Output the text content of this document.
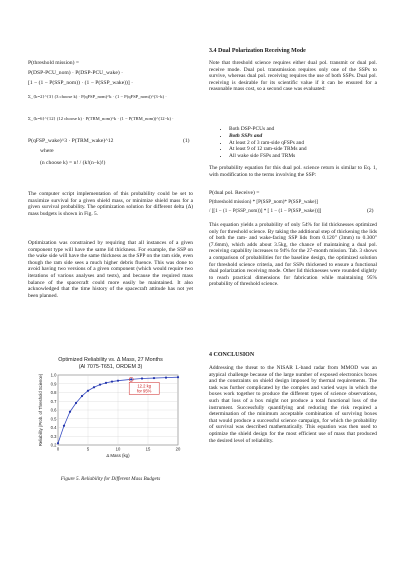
P(threshold mission) =
P(DSP-PCU_nom) · P(DSP-PCU_wake) ·
[1 − (1 − P(SSP_nom)) · (1 − P(SSP_wake))] ·
Σ_{k=2}^{3} (3 choose k) · P(qFSP_nom)^k · (1 − P(qFSP_nom))^(3−k) ·
Σ_{k=6}^{12} (12 choose k) · P(TRM_nom)^k · (1 − P(TRM_nom))^(12−k) ·
P(qFSP_wake)^3 · P(TRM_wake)^12	(1)
where
(n choose k) = n! / (k!(n−k)!)

The computer script implementation of this probability could be set to maximize survival for a given shield mass, or minimize shield mass for a given survival probability. The optimization solution for different delta (Δ) mass budgets is shown in Fig. 5.

Optimization was constrained by requiring that all instances of a given component type will have the same lid thickness. For example, the SSP on the wake side will have the same thickness as the SPP on the ram side, even though the ram side sees a much higher debris fluence. This was done to avoid having two versions of a given component (which would require two iterations of various analyses and tests), and because the required mass balance of the spacecraft could more easily be maintained. It also acknowledged that the time history of the spacecraft attitude has not yet been planned.

Optimized Reliability vs. Δ Mass, 27 Months
(Al 7075-T651, ORDEM 3)
0.2
0.3
0.4
0.5
0.6
0.7
0.8
0.9
1.0
0	5	10	15	20
Δ Mass (kg)
Reliability (Prob. of Threshold Science)	12.2 kg
for 95%
Figure 5. Reliability for Different Mass Budgets
3.4 Dual Polarization Receiving Mode

Note that threshold science requires either dual pol. transmit or dual pol. receive mode. Dual pol. transmission requires only one of the SSPs to survive, whereas dual pol. receiving requires the use of both SSPs. Dual pol. receiving is desirable for its scientific value if it can be ensured for a reasonable mass cost, so a second case was evaluated:

• Both DSP-PCUs and
• Both SSPs and
• At least 2 of 3 ram-side qFSPs and
• At least 9 of 12 ram-side TRMs and
• All wake side FSPs and TRMs

The probability equation for this dual pol. science return is similar to Eq. 1, with modification to the terms involving the SSP:

P(dual pol. Receive) =
P(threshold mission) * [P(SSP_nom)* P(SSP_wake)]
/ [[1 − (1 − P(SSP_nom))] * [ 1 − (1 − P(SSP_wake))]]	(2)

This equation yields a probability of only 54% for lid thicknesses optimized only for threshold science. By taking the additional step of thickening the lids of both the ram- and wake-facing SSP lids from 0.120" (3mm) to 0.300" (7.6mm), which adds about 3.5kg, the chance of maintaining a dual pol. receiving capability increases to 94% for the 27-month mission. Tab. 3 shows a comparison of probabilities for the baseline design, the optimized solution for threshold science criteria, and for SSPs thickened to ensure a functional dual polarization receiving mode. Other lid thicknesses were rounded slightly to reach practical dimensions for fabrication while maintaining 95% probability of threshold science.

4 CONCLUSION

Addressing the threat to the NISAR L-band radar from MMOD was an atypical challenge because of the large number of exposed electronics boxes and the constraints on shield design imposed by thermal requirements. The task was further complicated by the complex and varied ways in which the boxes work together to produce the different types of science observations, such that loss of a box might not produce a total functional loss of the instrument. Successfully quantifying and reducing the risk required a determination of the minimum acceptable combination of surviving boxes that would produce a successful science campaign, for which the probability of survival was described mathematically. This equation was then used to optimize the shield design for the most efficient use of mass that produced the desired level of reliability.
